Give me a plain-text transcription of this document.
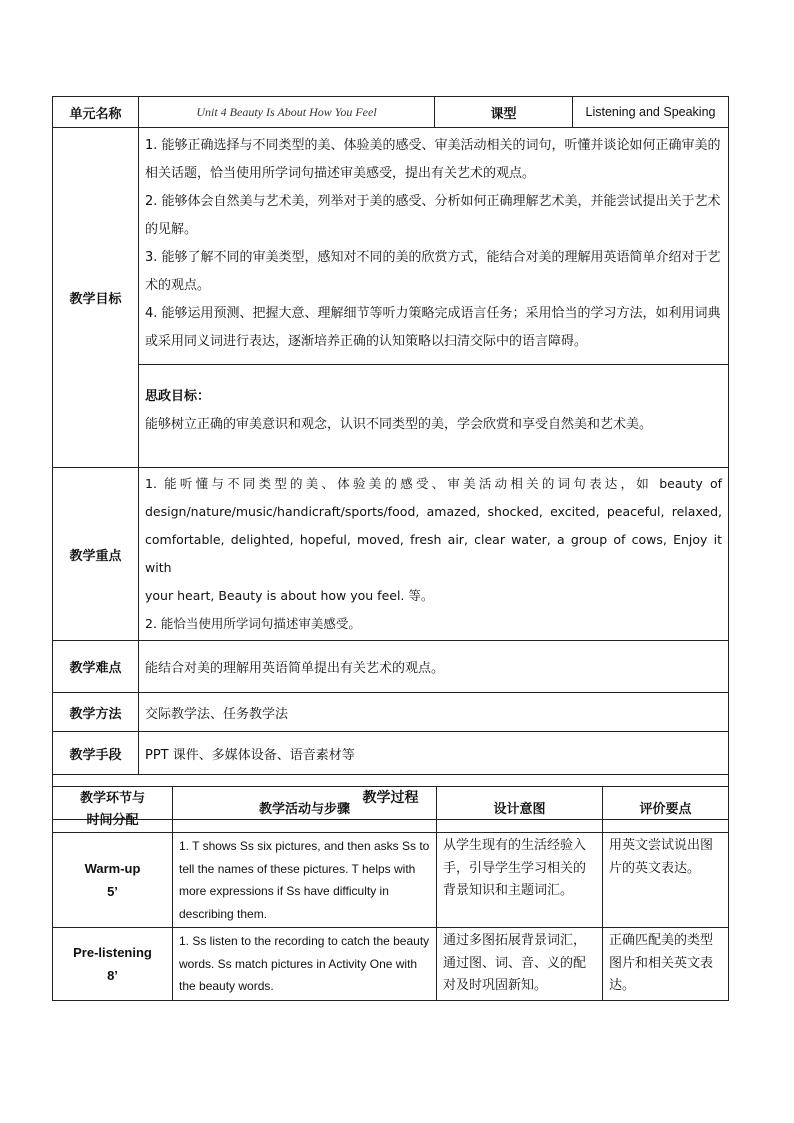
单元名称	Unit 4 Beauty Is About How You Feel	课型	Listening and Speaking
教学目标	1. 能够正确选择与不同类型的美、体验美的感受、审美活动相关的词句，听懂并谈论如何正确审美的相关话题，恰当使用所学词句描述审美感受，提出有关艺术的观点。

2. 能够体会自然美与艺术美，列举对于美的感受、分析如何正确理解艺术美，并能尝试提出关于艺术的见解。

3. 能够了解不同的审美类型，感知对不同的美的欣赏方式，能结合对美的理解用英语简单介绍对于艺术的观点。

4. 能够运用预测、把握大意、理解细节等听力策略完成语言任务；采用恰当的学习方法，如利用词典或采用同义词进行表达，逐渐培养正确的认知策略以扫清交际中的语言障碍。		

	思政目标：

能够树立正确的审美意识和观念，认识不同类型的美，学会欣赏和享受自然美和艺术美。		

教学重点	1. 能听懂与不同类型的美、体验美的感受、审美活动相关的词句表达，如 beauty of

design/nature/music/handicraft/sports/food, amazed, shocked, excited, peaceful, relaxed,

comfortable, delighted, hopeful, moved, fresh air, clear water, a group of cows, Enjoy it with

your heart, Beauty is about how you feel. 等。

2. 能恰当使用所学词句描述审美感受。		

教学难点	能结合对美的理解用英语简单提出有关艺术的观点。		
教学方法	交际教学法、任务教学法		
教学手段	PPT 课件、多媒体设备、语音素材等		
教学过程			
教学环节与
时间分配	教学活动与步骤	设计意图	评价要点

Warm-up
5’	1. T shows Ss six pictures, and then asks Ss to tell the names of these pictures. T helps with more expressions if Ss have difficulty in describing them.	从学生现有的生活经验入手，引导学生学习相关的背景知识和主题词汇。	用英文尝试说出图片的英文表达。

Pre-listening
8’	1. Ss listen to the recording to catch the beauty words. Ss match pictures in Activity One with the beauty words.	通过多图拓展背景词汇，通过图、词、音、义的配对及时巩固新知。	正确匹配美的类型图片和相关英文表达。
